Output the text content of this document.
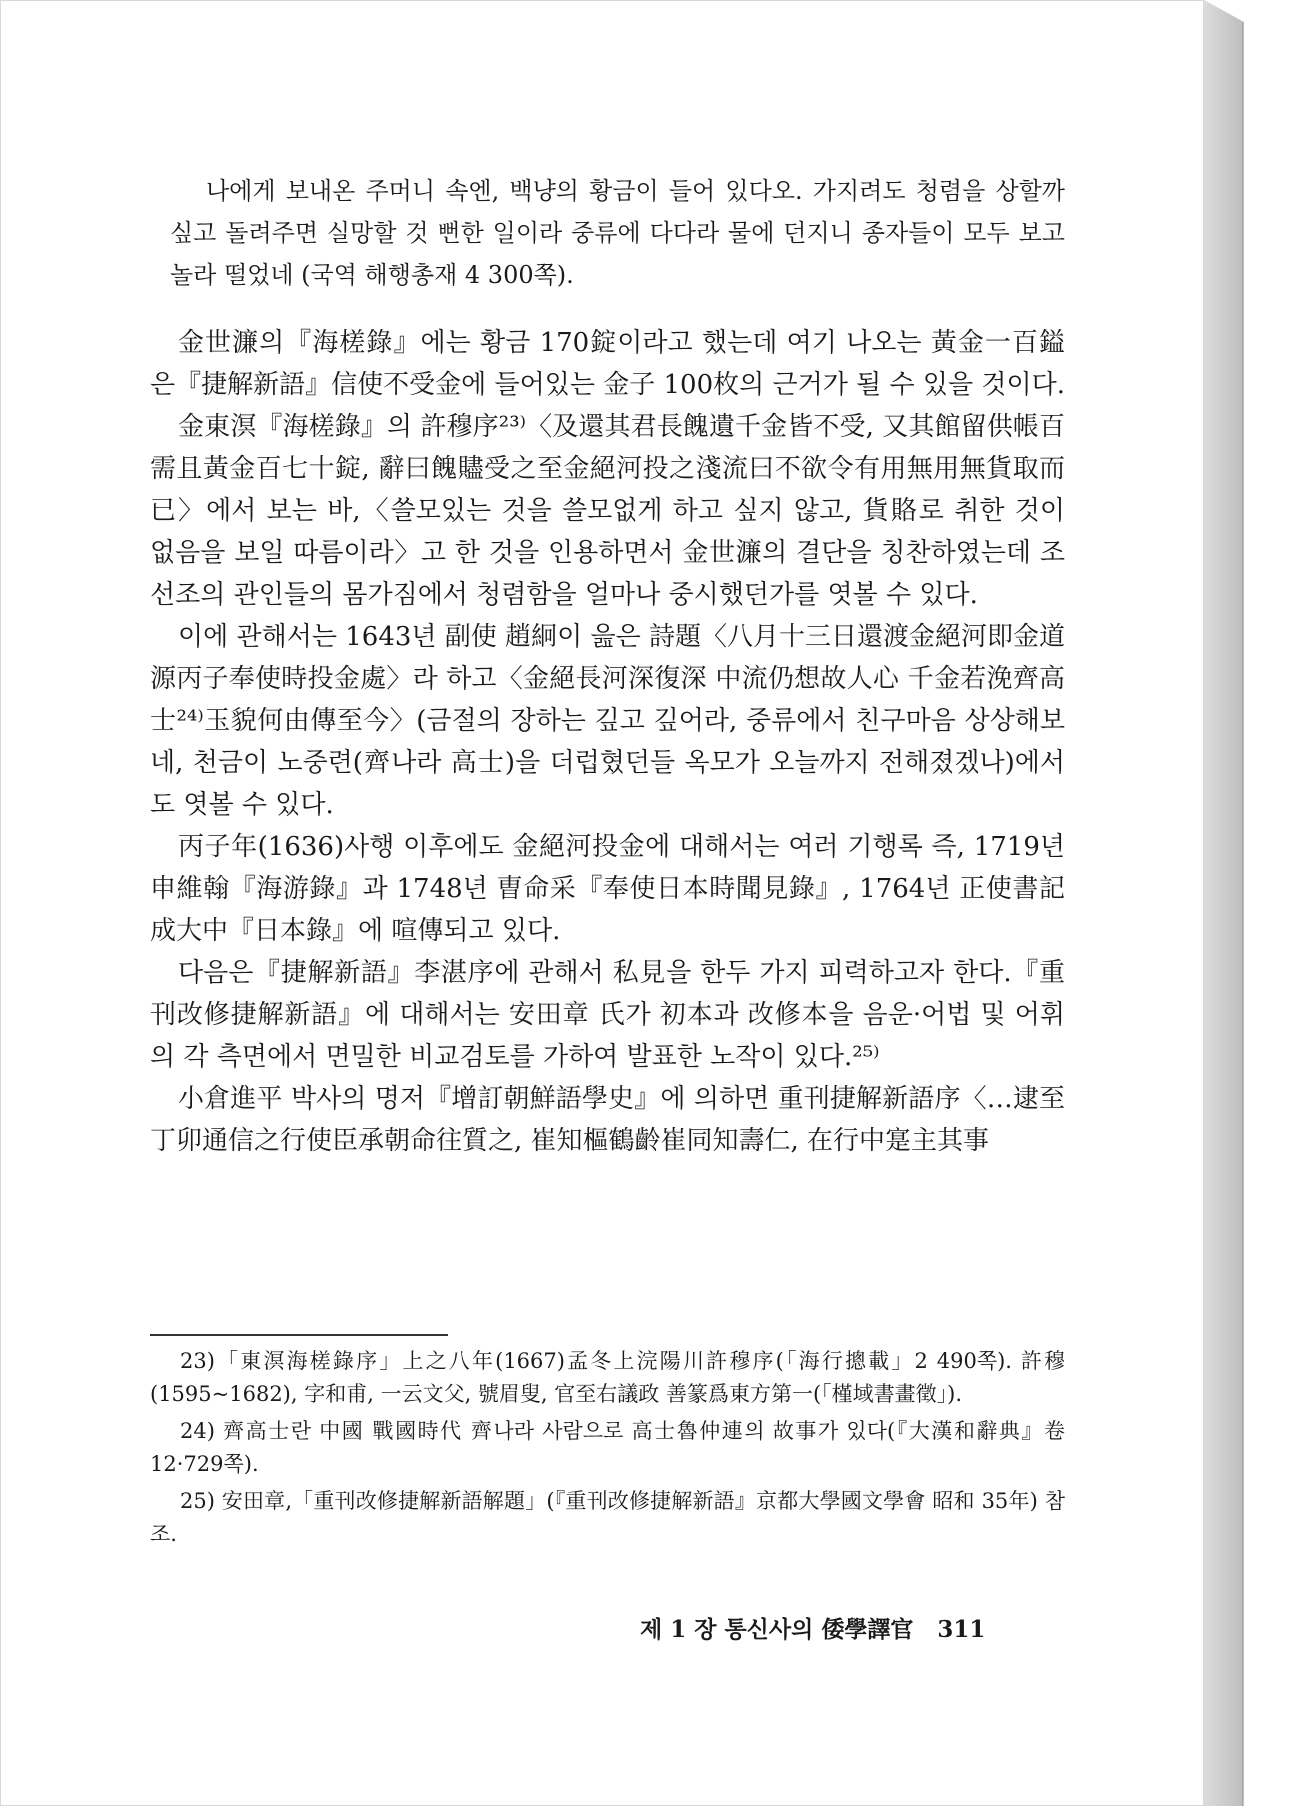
나에게 보내온 주머니 속엔, 백냥의 황금이 들어 있다오. 가지려도 청렴을 상할까 싶고 돌려주면 실망할 것 뻔한 일이라 중류에 다다라 물에 던지니 종자들이 모두 보고 놀라 떨었네 (국역 해행총재 4 300쪽).

金世濂의『海槎錄』에는 황금 170錠이라고 했는데 여기 나오는 黃金一百鎰은『捷解新語』信使不受金에 들어있는 金子 100枚의 근거가 될 수 있을 것이다.

金東溟『海槎錄』의 許穆序²³⁾〈及還其君長餽遺千金皆不受, 又其館留供帳百需且黃金百七十錠, 辭曰餽贐受之至金絕河投之淺流曰不欲令有用無用無貨取而已〉에서 보는 바,〈쓸모있는 것을 쓸모없게 하고 싶지 않고, 貨賂로 취한 것이 없음을 보일 따름이라〉고 한 것을 인용하면서 金世濂의 결단을 칭찬하였는데 조선조의 관인들의 몸가짐에서 청렴함을 얼마나 중시했던가를 엿볼 수 있다.

이에 관해서는 1643년 副使 趙絅이 읊은 詩題〈八月十三日還渡金絕河即金道源丙子奉使時投金處〉라 하고〈金絕長河深復深 中流仍想故人心 千金若浼齊高士²⁴⁾玉貌何由傳至今〉(금절의 장하는 깊고 깊어라, 중류에서 친구마음 상상해보네, 천금이 노중련(齊나라 高士)을 더럽혔던들 옥모가 오늘까지 전해졌겠나)에서도 엿볼 수 있다.

丙子年(1636)사행 이후에도 金絕河投金에 대해서는 여러 기행록 즉, 1719년 申維翰『海游錄』과 1748년 曺命采『奉使日本時聞見錄』, 1764년 正使書記 成大中『日本錄』에 喧傳되고 있다.

다음은『捷解新語』李湛序에 관해서 私見을 한두 가지 피력하고자 한다.『重刊改修捷解新語』에 대해서는 安田章 氏가 初本과 改修本을 음운·어법 및 어휘의 각 측면에서 면밀한 비교검토를 가하여 발표한 노작이 있다.²⁵⁾

小倉進平 박사의 명저『增訂朝鮮語學史』에 의하면 重刊捷解新語序〈…逮至丁卯通信之行使臣承朝命往質之, 崔知樞鶴齡崔同知壽仁, 在行中寔主其事

23)「東溟海槎錄序」上之八年(1667)孟冬上浣陽川許穆序(「海行摠載」2 490쪽). 許穆(1595~1682), 字和甫, 一云文父, 號眉叟, 官至右議政 善篆爲東方第一(「槿域書畫徵」).

24) 齊高士란 中國 戰國時代 齊나라 사람으로 高士魯仲連의 故事가 있다(『大漢和辭典』卷 12·729쪽).

25) 安田章,「重刊改修捷解新語解題」(『重刊改修捷解新語』京都大學國文學會 昭和 35年) 참조.

제 1 장 통신사의 倭學譯官 311
